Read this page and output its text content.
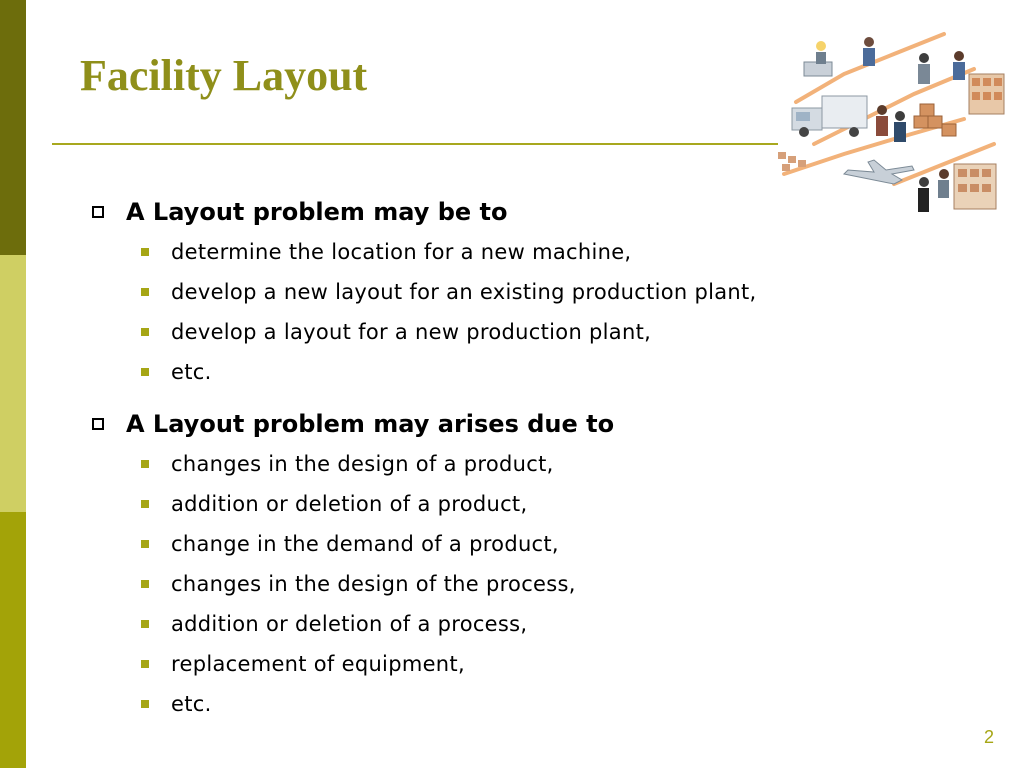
Facility Layout
A Layout problem may be to
determine the location for a new machine,
develop a new layout for an existing production plant,
develop a layout for a new production plant,
etc.
A Layout problem may arises due to
changes in the design of a product,
addition or deletion of a product,
change in the demand of a product,
changes in the design of the process,
addition or deletion of a process,
replacement of equipment,
etc.
2
